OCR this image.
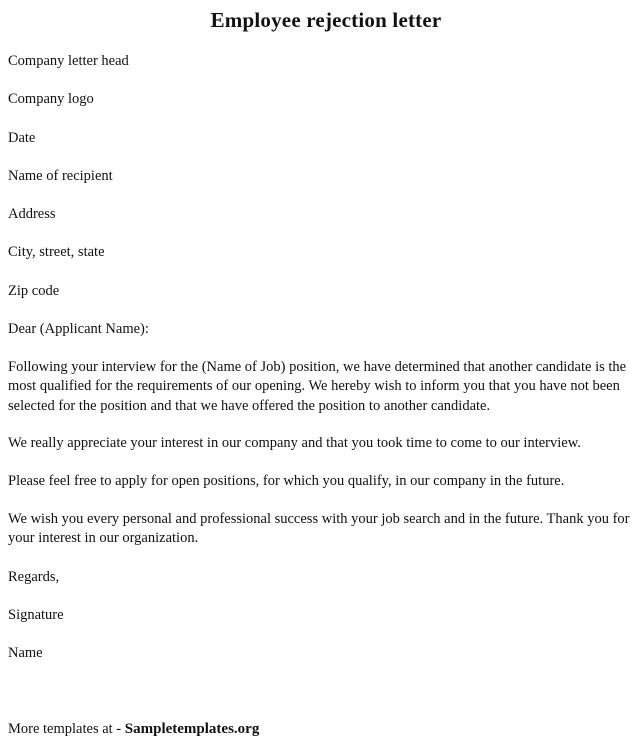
Employee rejection letter
Company letter head
Company logo
Date
Name of recipient
Address
City, street, state
Zip code
Dear (Applicant Name):
Following your interview for the (Name of Job) position, we have determined that another candidate is the most qualified for the requirements of our opening. We hereby wish to inform you that you have not been selected for the position and that we have offered the position to another candidate.
We really appreciate your interest in our company and that you took time to come to our interview.
Please feel free to apply for open positions, for which you qualify, in our company in the future.
We wish you every personal and professional success with your job search and in the future. Thank you for your interest in our organization.
Regards,
Signature
Name
More templates at - Sampletemplates.org
